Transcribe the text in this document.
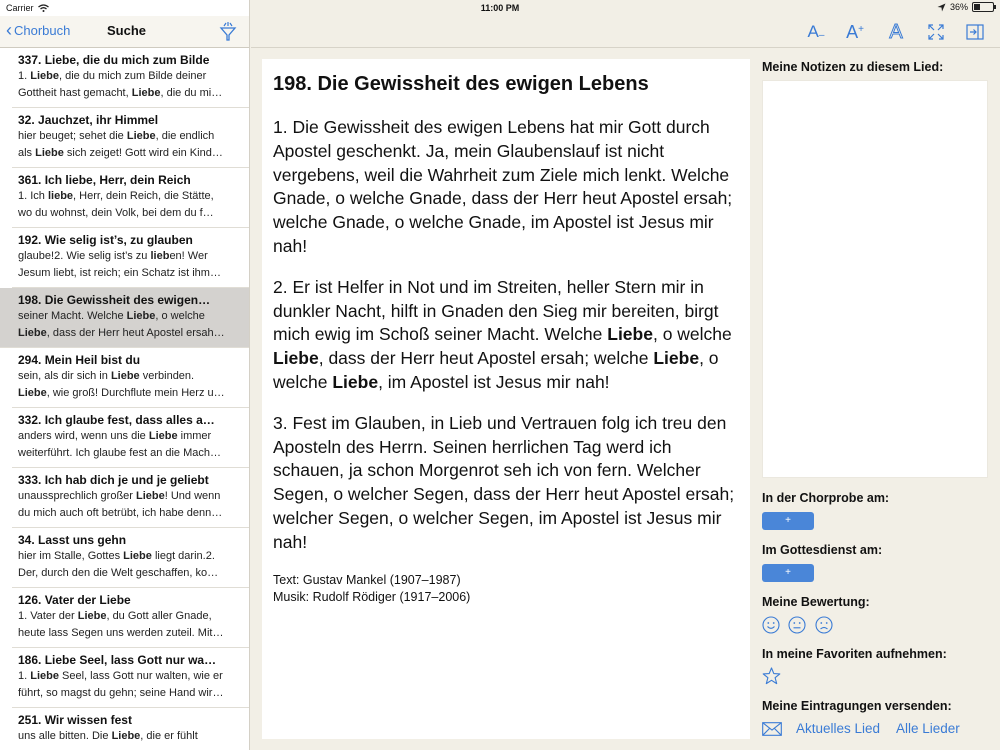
‹ Chorbuch	Suche
337. Liebe, die du mich zum Bilde
1. Liebe, die du mich zum Bilde deiner
Gottheit hast gemacht, Liebe, die du mi…
32. Jauchzet, ihr Himmel
hier beuget; sehet die Liebe, die endlich
als Liebe sich zeiget! Gott wird ein Kind…
361. Ich liebe, Herr, dein Reich
1. Ich liebe, Herr, dein Reich, die Stätte,
wo du wohnst, dein Volk, bei dem du f…
192. Wie selig ist’s, zu glauben
glaube!2. Wie selig ist’s zu lieben! Wer
Jesum liebt, ist reich; ein Schatz ist ihm…
198. Die Gewissheit des ewigen…
seiner Macht. Welche Liebe, o welche
Liebe, dass der Herr heut Apostel ersah…
294. Mein Heil bist du
sein, als dir sich in Liebe verbinden.
Liebe, wie groß! Durchflute mein Herz u…
332. Ich glaube fest, dass alles a…
anders wird, wenn uns die Liebe immer
weiterführt. Ich glaube fest an die Mach…
333. Ich hab dich je und je geliebt
unaussprechlich großer Liebe! Und wenn
du mich auch oft betrübt, ich habe denn…
34. Lasst uns gehn
hier im Stalle, Gottes Liebe liegt darin.2.
Der, durch den die Welt geschaffen, ko…
126. Vater der Liebe
1. Vater der Liebe, du Gott aller Gnade,
heute lass Segen uns werden zuteil. Mit…
186. Liebe Seel, lass Gott nur wa…
1. Liebe Seel, lass Gott nur walten, wie er
führt, so magst du gehn; seine Hand wir…
251. Wir wissen fest
uns alle bitten. Die Liebe, die er fühlt
Carrier	11:00 PM	36%
A – A + A
198. Die Gewissheit des ewigen Lebens
1. Die Gewissheit des ewigen Lebens hat mir Gott durch Apostel geschenkt. Ja, mein Glaubenslauf ist nicht vergebens, weil die Wahrheit zum Ziele mich lenkt. Welche Gnade, o welche Gnade, dass der Herr heut Apostel ersah; welche Gnade, o welche Gnade, im Apostel ist Jesus mir nah!
2. Er ist Helfer in Not und im Streiten, heller Stern mir in dunkler Nacht, hilft in Gnaden den Sieg mir bereiten, birgt mich ewig im Schoß seiner Macht. Welche Liebe, o welche Liebe, dass der Herr heut Apostel ersah; welche Liebe, o welche Liebe, im Apostel ist Jesus mir nah!
3. Fest im Glauben, in Lieb und Vertrauen folg ich treu den Aposteln des Herrn. Seinen herrlichen Tag werd ich schauen, ja schon Morgenrot seh ich von fern. Welcher Segen, o welcher Segen, dass der Herr heut Apostel ersah; welcher Segen, o welcher Segen, im Apostel ist Jesus mir nah!
Text: Gustav Mankel (1907–1987)
Musik: Rudolf Rödiger (1917–2006)
Meine Notizen zu diesem Lied:
In der Chorprobe am:
+
Im Gottesdienst am:
+
Meine Bewertung:

In meine Favoriten aufnehmen:
Meine Eintragungen versenden:
Aktuelles Lied Alle Lieder
